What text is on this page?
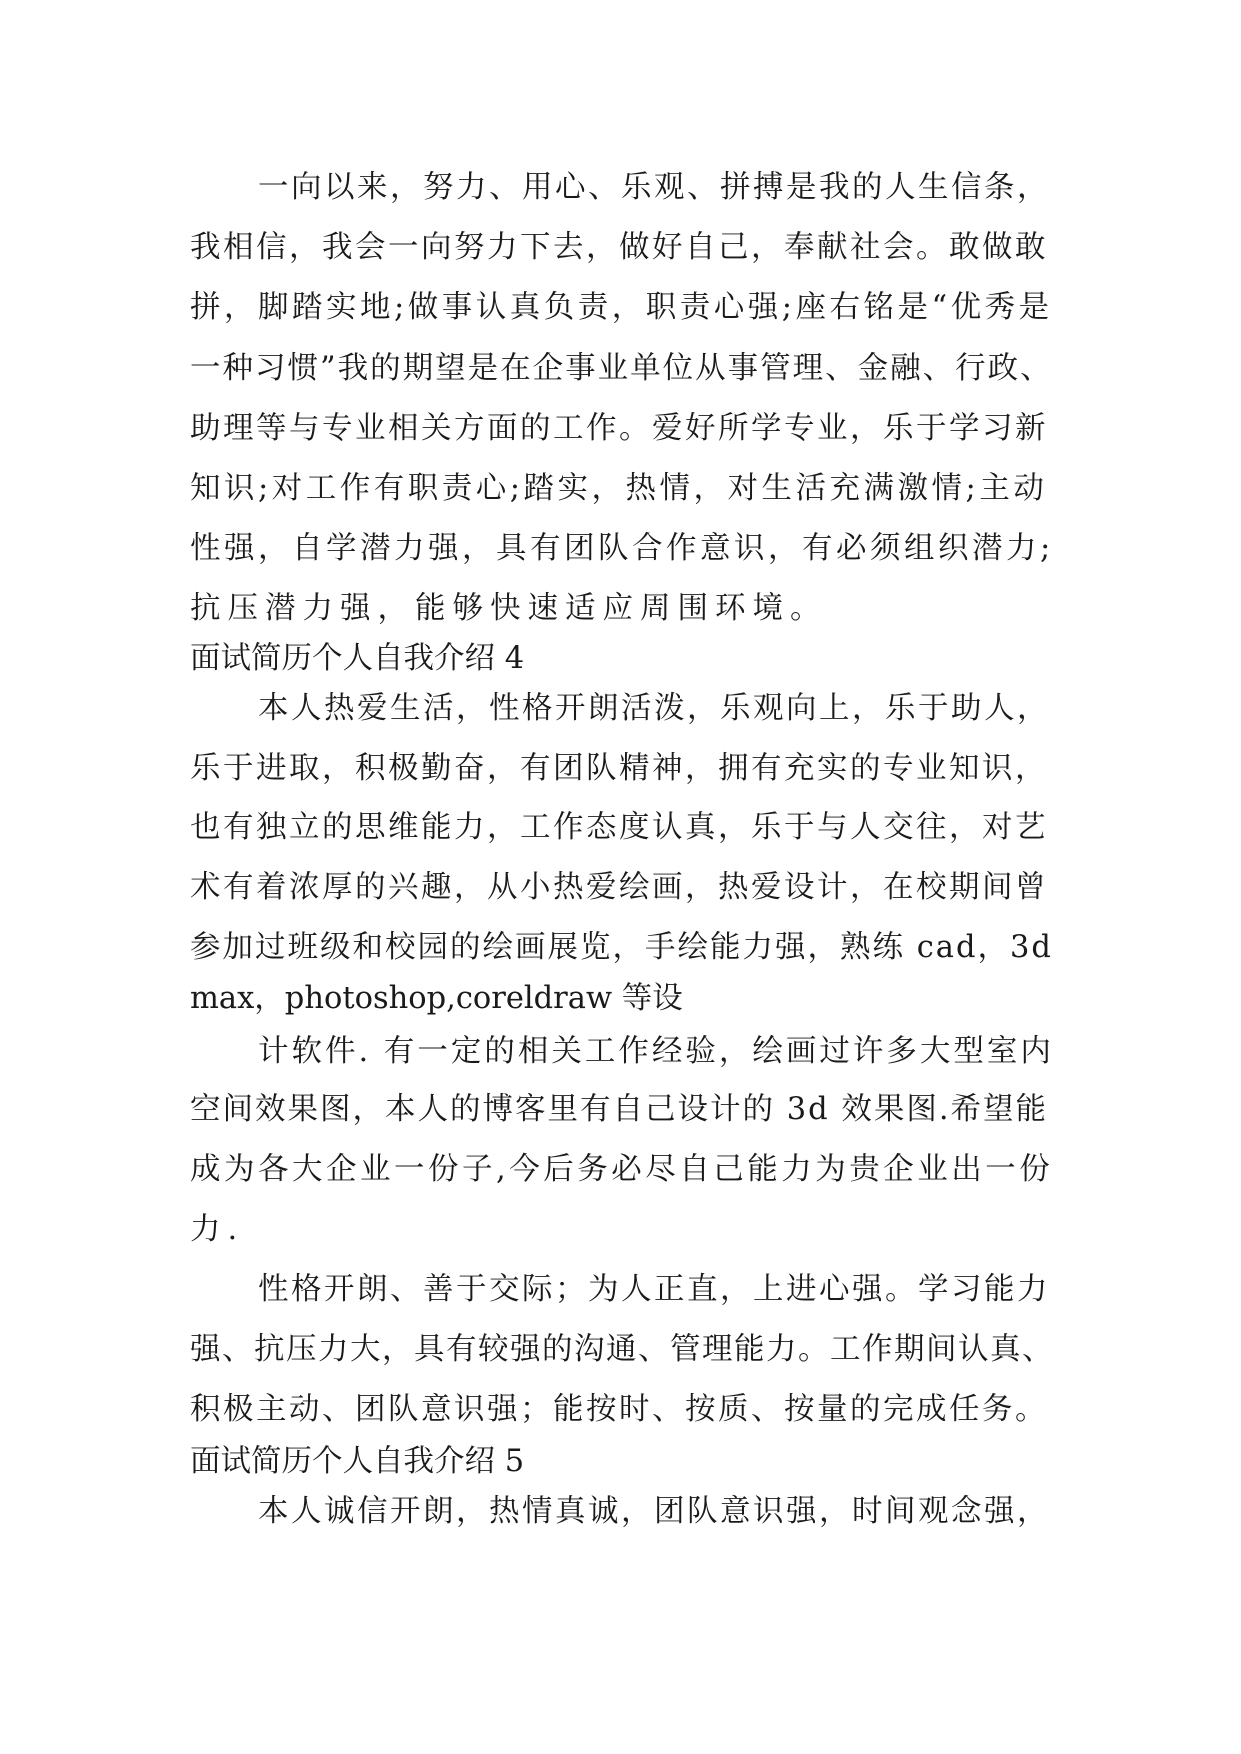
一向以来，努力、用心、乐观、拼搏是我的人生信条，
我相信，我会一向努力下去，做好自己，奉献社会。敢做敢
拼，脚踏实地;做事认真负责，职责心强;座右铭是“优秀是
一种习惯”我的期望是在企事业单位从事管理、金融、行政、
助理等与专业相关方面的工作。爱好所学专业，乐于学习新
知识;对工作有职责心;踏实，热情，对生活充满激情;主动
性强，自学潜力强，具有团队合作意识，有必须组织潜力;
抗压潜力强，能够快速适应周围环境。
面试简历个人自我介绍 4
本人热爱生活，性格开朗活泼，乐观向上，乐于助人，
乐于进取，积极勤奋，有团队精神，拥有充实的专业知识，
也有独立的思维能力，工作态度认真，乐于与人交往，对艺
术有着浓厚的兴趣，从小热爱绘画，热爱设计，在校期间曾
参加过班级和校园的绘画展览，手绘能力强，熟练 cad，3d
max，photoshop,coreldraw 等设
计软件. 有一定的相关工作经验，绘画过许多大型室内
空间效果图，本人的博客里有自己设计的 3d 效果图.希望能
成为各大企业一份子,今后务必尽自己能力为贵企业出一份
力.
性格开朗、善于交际；为人正直，上进心强。学习能力
强、抗压力大，具有较强的沟通、管理能力。工作期间认真、
积极主动、团队意识强；能按时、按质、按量的完成任务。
面试简历个人自我介绍 5
本人诚信开朗，热情真诚，团队意识强，时间观念强，
